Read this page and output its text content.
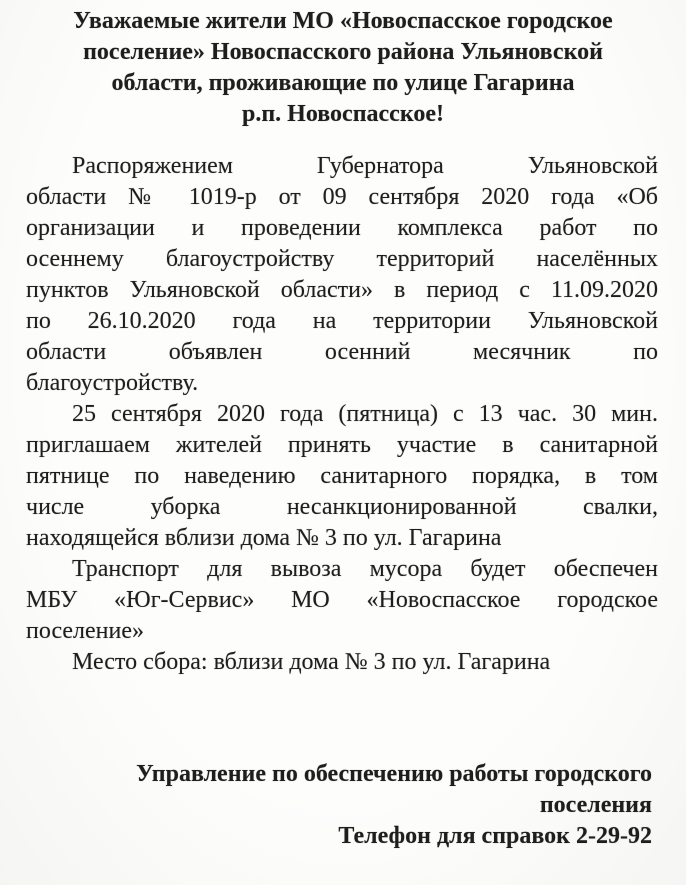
Уважаемые жители МО «Новоспасское городское
поселение» Новоспасского района Ульяновской
области, проживающие по улице Гагарина
р.п. Новоспасское!
Распоряжением Губернатора Ульяновской
области № 1019-р от 09 сентября 2020 года «Об
организации и проведении комплекса работ по
осеннему благоустройству территорий населённых
пунктов Ульяновской области» в период с 11.09.2020
по 26.10.2020 года на территории Ульяновской
области объявлен осенний месячник по
благоустройству.
25 сентября 2020 года (пятница) с 13 час. 30 мин.
приглашаем жителей принять участие в санитарной
пятнице по наведению санитарного порядка, в том
числе уборка несанкционированной свалки,
находящейся вблизи дома № 3 по ул. Гагарина
Транспорт для вывоза мусора будет обеспечен
МБУ «Юг-Сервис» МО «Новоспасское городское
поселение»
Место сбора: вблизи дома № 3 по ул. Гагарина
Управление по обеспечению работы городского
поселения
Телефон для справок 2-29-92
